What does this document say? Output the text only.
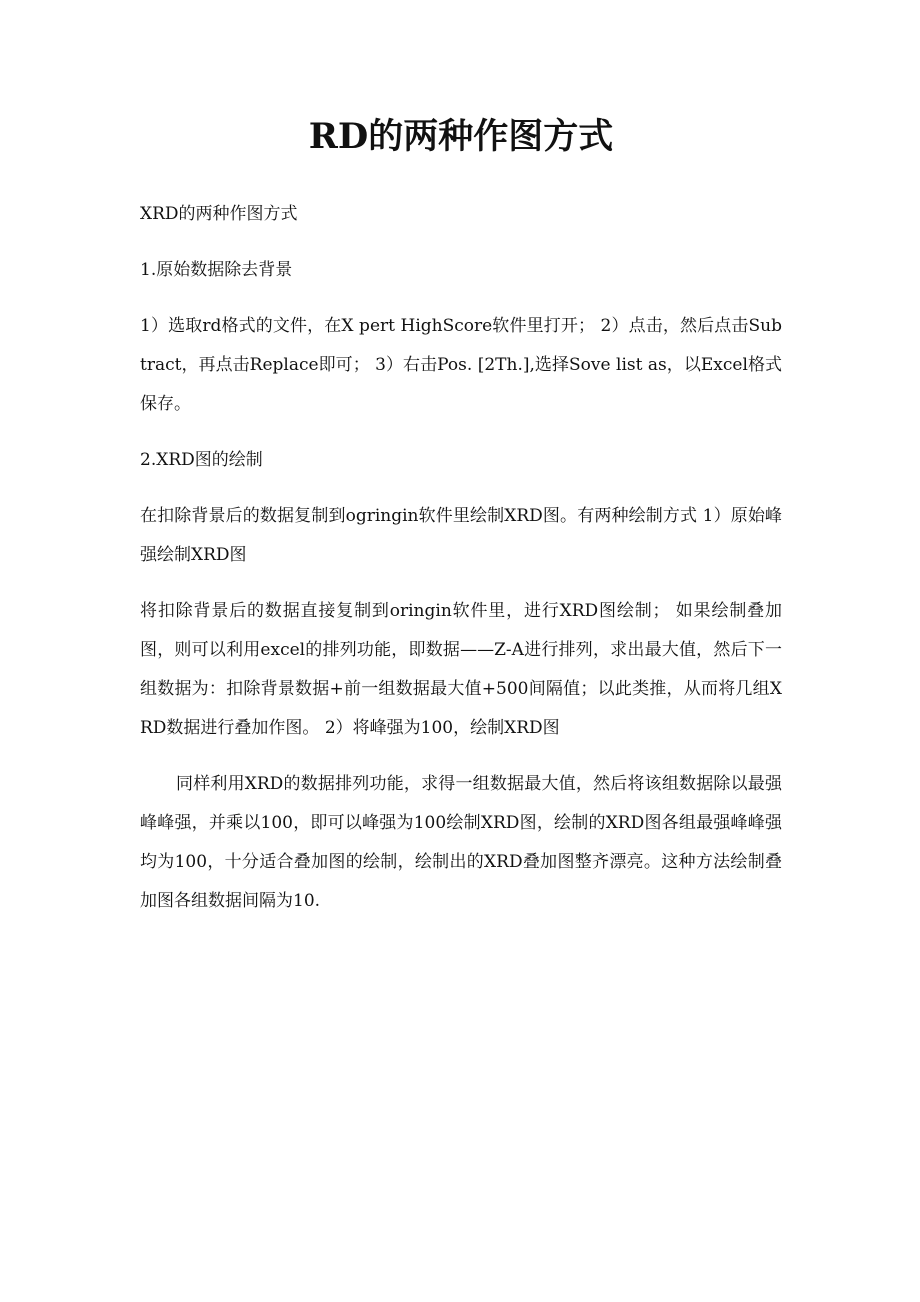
RD的两种作图方式

XRD的两种作图方式

1.原始数据除去背景

1）选取rd格式的文件，在X pert HighScore软件里打开； 2）点击，然后点击Subtract，再点击Replace即可； 3）右击Pos. [2Th.],选择Sove list as，以Excel格式保存。

2.XRD图的绘制

在扣除背景后的数据复制到ogringin软件里绘制XRD图。有两种绘制方式 1）原始峰强绘制XRD图

将扣除背景后的数据直接复制到oringin软件里，进行XRD图绘制； 如果绘制叠加图，则可以利用excel的排列功能，即数据——Z-A进行排列，求出最大值，然后下一组数据为：扣除背景数据+前一组数据最大值+500间隔值；以此类推，从而将几组XRD数据进行叠加作图。 2）将峰强为100，绘制XRD图

同样利用XRD的数据排列功能，求得一组数据最大值，然后将该组数据除以最强峰峰强，并乘以100，即可以峰强为100绘制XRD图，绘制的XRD图各组最强峰峰强均为100，十分适合叠加图的绘制，绘制出的XRD叠加图整齐漂亮。这种方法绘制叠加图各组数据间隔为10.
